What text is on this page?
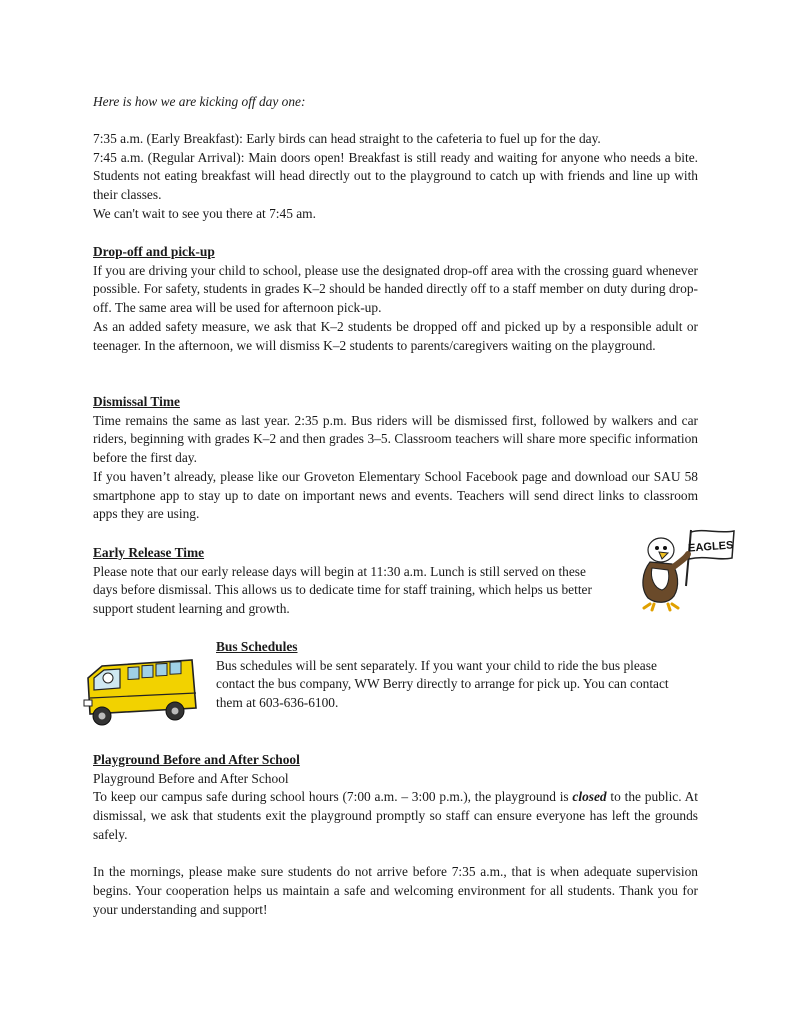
Here is how we are kicking off day one:
7:35 a.m. (Early Breakfast): Early birds can head straight to the cafeteria to fuel up for the day.
7:45 a.m. (Regular Arrival): Main doors open! Breakfast is still ready and waiting for anyone who needs a bite. Students not eating breakfast will head directly out to the playground to catch up with friends and line up with their classes.
We can't wait to see you there at 7:45 am.
Drop-off and pick-up
If you are driving your child to school, please use the designated drop-off area with the crossing guard whenever possible. For safety, students in grades K–2 should be handed directly off to a staff member on duty during drop-off. The same area will be used for afternoon pick-up.
As an added safety measure, we ask that K–2 students be dropped off and picked up by a responsible adult or teenager. In the afternoon, we will dismiss K–2 students to parents/caregivers waiting on the playground.
Dismissal Time
Time remains the same as last year. 2:35 p.m. Bus riders will be dismissed first, followed by walkers and car riders, beginning with grades K–2 and then grades 3–5. Classroom teachers will share more specific information before the first day.
If you haven’t already, please like our Groveton Elementary School Facebook page and download our SAU 58 smartphone app to stay up to date on important news and events. Teachers will send direct links to classroom apps they are using.
Early Release Time
Please note that our early release days will begin at 11:30 a.m. Lunch is still served on these
days before dismissal. This allows us to dedicate time for staff training, which helps us better
support student learning and growth.
EAGLES
Bus Schedules
Bus schedules will be sent separately. If you want your child to ride the bus please
contact the bus company, WW Berry directly to arrange for pick up. You can contact
them at 603-636-6100.
Playground Before and After School
Playground Before and After School
To keep our campus safe during school hours (7:00 a.m. – 3:00 p.m.), the playground is closed to the public. At dismissal, we ask that students exit the playground promptly so staff can ensure everyone has left the grounds safely.
In the mornings, please make sure students do not arrive before 7:35 a.m., that is when adequate supervision begins. Your cooperation helps us maintain a safe and welcoming environment for all students. Thank you for your understanding and support!
